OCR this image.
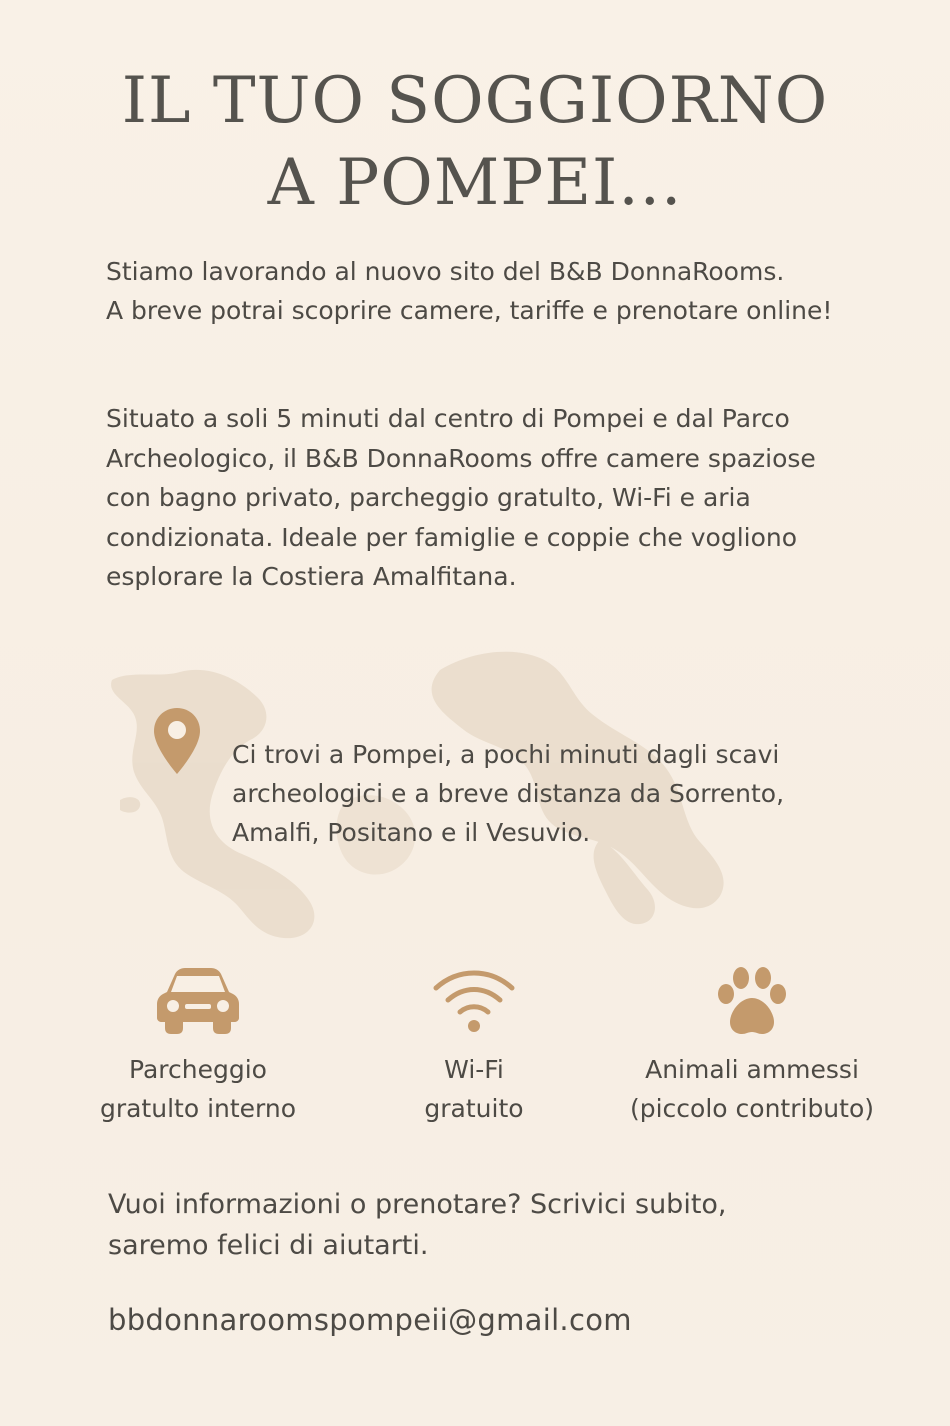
IL TUO SOGGIORNO
A POMPEI...

Stiamo lavorando al nuovo sito del B&B DonnaRooms.
A breve potrai scoprire camere, tariffe e prenotare online!

Situato a soli 5 minuti dal centro di Pompei e dal Parco Archeologico, il B&B DonnaRooms offre camere spaziose con bagno privato, parcheggio gratulto, Wi-Fi e aria condizionata. Ideale per famiglie e coppie che vogliono esplorare la Costiera Amalfitana.

Ci trovi a Pompei, a pochi minuti dagli scavi archeologici e a breve distanza da Sorrento, Amalfi, Positano e il Vesuvio.

Parcheggio
gratulto interno
Wi-Fi
gratuito
Animali ammessi
(piccolo contributo)

Vuoi informazioni o prenotare? Scrivici subito,
saremo felici di aiutarti.

bbdonnaroomspompeii@gmail.com
